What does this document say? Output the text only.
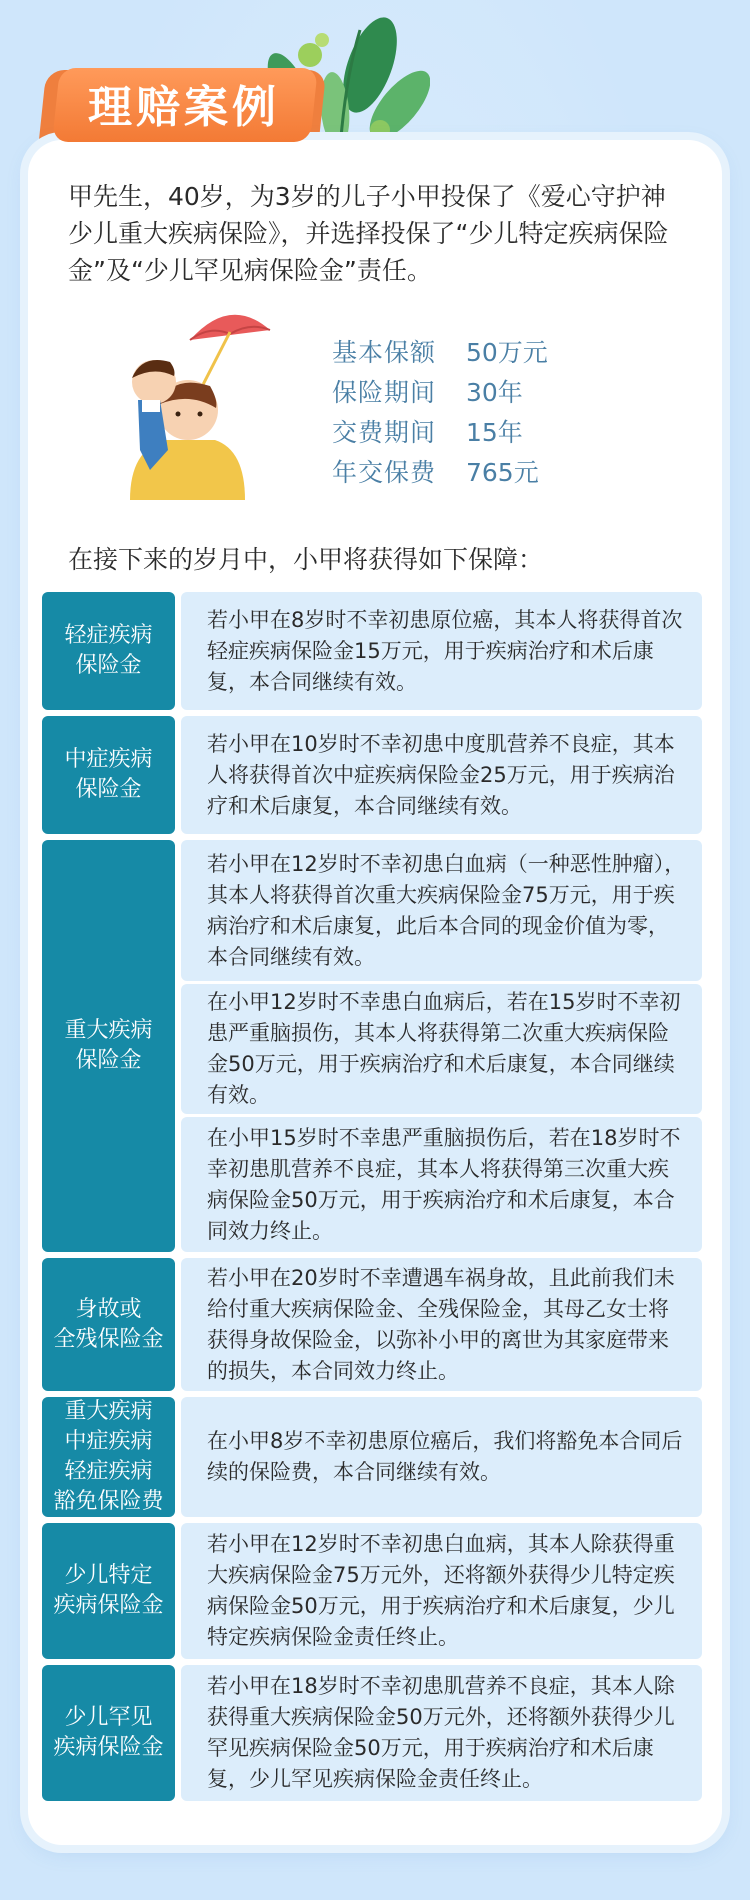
理赔案例
甲先生，40岁，为3岁的儿子小甲投保了《爱心守护神少儿重大疾病保险》，并选择投保了“少儿特定疾病保险金”及“少儿罕见病保险金”责任。
基本保额 50万元
保险期间 30年
交费期间 15年
年交保费 765元
在接下来的岁月中，小甲将获得如下保障：
轻症疾病
保险金
若小甲在8岁时不幸初患原位癌，其本人将获得首次轻症疾病保险金15万元，用于疾病治疗和术后康复，本合同继续有效。
中症疾病
保险金
若小甲在10岁时不幸初患中度肌营养不良症，其本人将获得首次中症疾病保险金25万元，用于疾病治疗和术后康复，本合同继续有效。
重大疾病
保险金
若小甲在12岁时不幸初患白血病（一种恶性肿瘤），其本人将获得首次重大疾病保险金75万元，用于疾病治疗和术后康复，此后本合同的现金价值为零，本合同继续有效。
在小甲12岁时不幸患白血病后，若在15岁时不幸初患严重脑损伤，其本人将获得第二次重大疾病保险金50万元，用于疾病治疗和术后康复，本合同继续有效。
在小甲15岁时不幸患严重脑损伤后，若在18岁时不幸初患肌营养不良症，其本人将获得第三次重大疾病保险金50万元，用于疾病治疗和术后康复，本合同效力终止。
身故或
全残保险金
若小甲在20岁时不幸遭遇车祸身故，且此前我们未给付重大疾病保险金、全残保险金，其母乙女士将获得身故保险金，以弥补小甲的离世为其家庭带来的损失，本合同效力终止。
重大疾病
中症疾病
轻症疾病
豁免保险费
在小甲8岁不幸初患原位癌后，我们将豁免本合同后续的保险费，本合同继续有效。
少儿特定
疾病保险金
若小甲在12岁时不幸初患白血病，其本人除获得重大疾病保险金75万元外，还将额外获得少儿特定疾病保险金50万元，用于疾病治疗和术后康复，少儿特定疾病保险金责任终止。
少儿罕见
疾病保险金
若小甲在18岁时不幸初患肌营养不良症，其本人除获得重大疾病保险金50万元外，还将额外获得少儿罕见疾病保险金50万元，用于疾病治疗和术后康复，少儿罕见疾病保险金责任终止。
